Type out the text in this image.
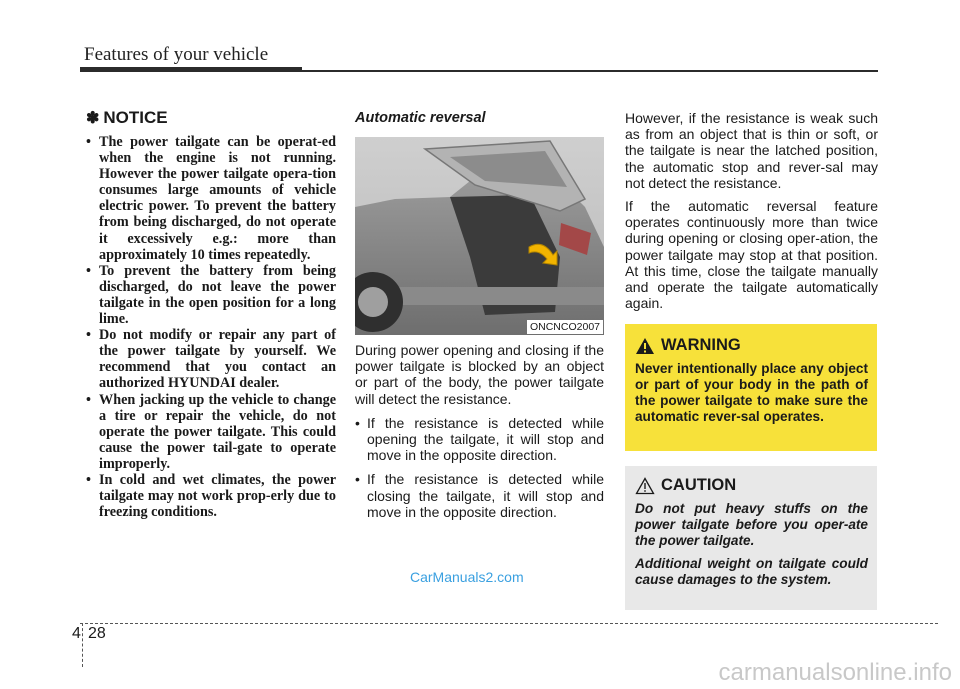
Features of your vehicle
✽ NOTICE
• The power tailgate can be operat-ed when the engine is not running. However the power tailgate opera-tion consumes large amounts of vehicle electric power. To prevent the battery from being discharged, do not operate it excessively e.g.: more than approximately 10 times repeatedly.
• To prevent the battery from being discharged, do not leave the power tailgate in the open position for a long lime.
• Do not modify or repair any part of the power tailgate by yourself. We recommend that you contact an authorized HYUNDAI dealer.
• When jacking up the vehicle to change a tire or repair the vehicle, do not operate the power tailgate. This could cause the power tail-gate to operate improperly.
• In cold and wet climates, the power tailgate may not work prop-erly due to freezing conditions.
Automatic reversal
ONCNCO2007

During power opening and closing if the power tailgate is blocked by an object or part of the body, the power tailgate will detect the resistance.

• If the resistance is detected while opening the tailgate, it will stop and move in the opposite direction.
• If the resistance is detected while closing the tailgate, it will stop and move in the opposite direction.

However, if the resistance is weak such as from an object that is thin or soft, or the tailgate is near the latched position, the automatic stop and rever-sal may not detect the resistance.

If the automatic reversal feature operates continuously more than twice during opening or closing oper-ation, the power tailgate may stop at that position. At this time, close the tailgate manually and operate the tailgate automatically again.

WARNING

Never intentionally place any object or part of your body in the path of the power tailgate to make sure the automatic rever-sal operates.

CAUTION

Do not put heavy stuffs on the power tailgate before you oper-ate the power tailgate.

Additional weight on tailgate could cause damages to the system.

CarManuals2.com
4 28
carmanualsonline.info
